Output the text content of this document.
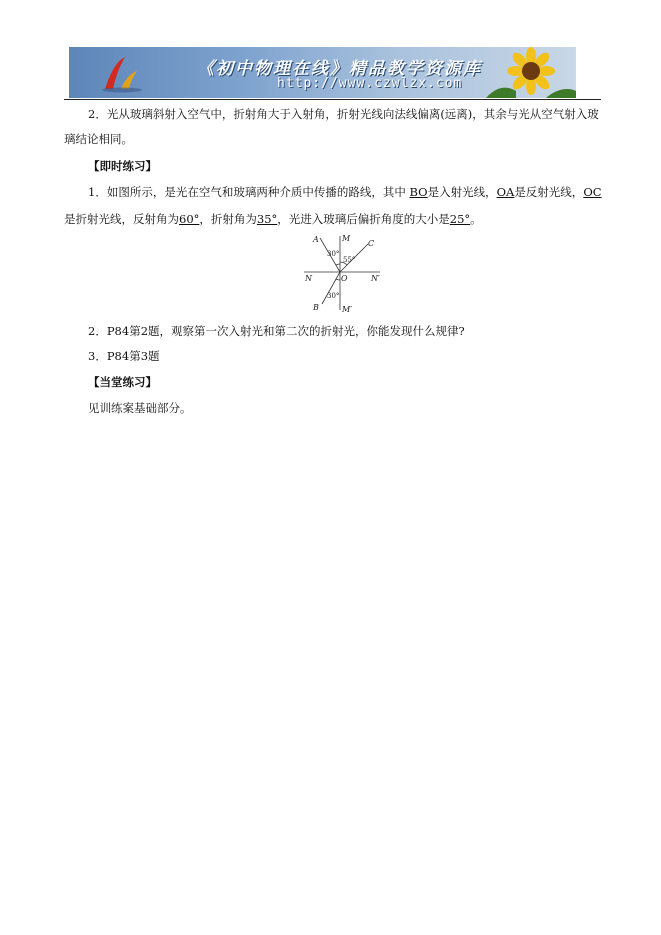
《初中物理在线》精品教学资源库
http://www.czwlzx.com
2．光从玻璃斜射入空气中，折射角大于入射角，折射光线向法线偏离(远离)，其余与光从空气射入玻
璃结论相同。
【即时练习】
1．如图所示，是光在空气和玻璃两种介质中传播的路线，其中 BO是入射光线，OA是反射光线，OC
是折射光线，反射角为60°，折射角为35°，光进入玻璃后偏折角度的大小是25°。
A	M
C
N	O	N′
B	M′
30°
55°
30°
2．P84第2题，观察第一次入射光和第二次的折射光，你能发现什么规律?
3．P84第3题
【当堂练习】
见训练案基础部分。
